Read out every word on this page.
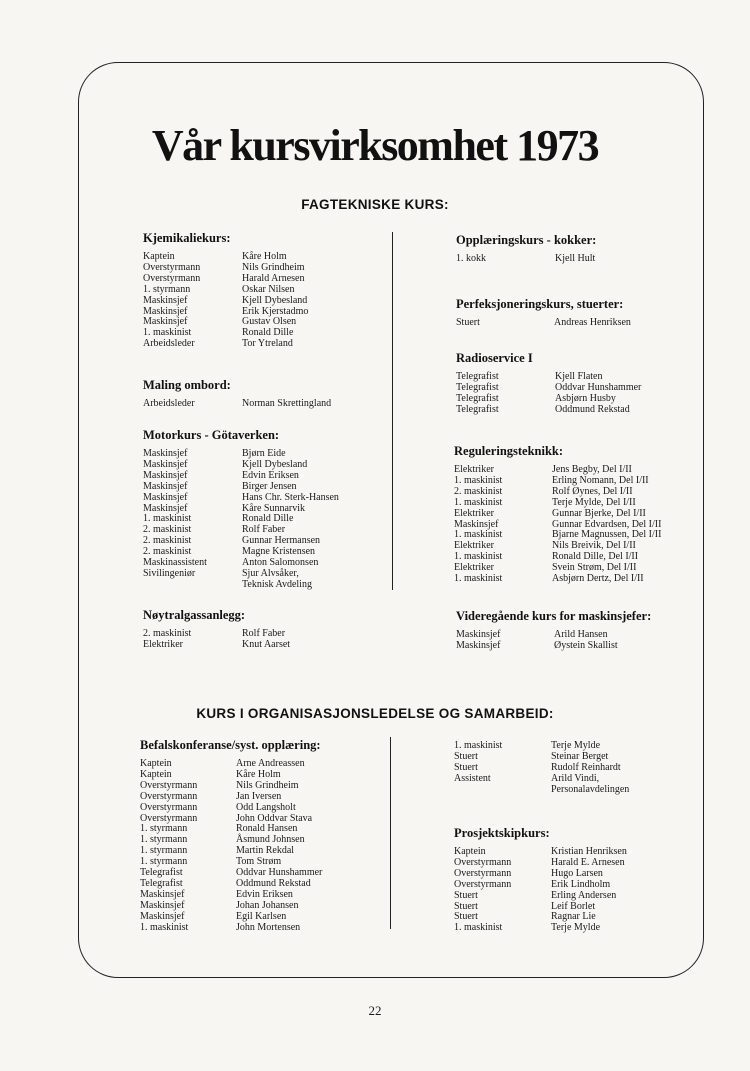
Vår kursvirksomhet 1973
FAGTEKNISKE KURS:
KURS I ORGANISASJONSLEDELSE OG SAMARBEID:
Kjemikaliekurs:
Kaptein	Kåre Holm
Overstyrmann	Nils Grindheim
Overstyrmann	Harald Arnesen
1. styrmann	Oskar Nilsen
Maskinsjef	Kjell Dybesland
Maskinsjef	Erik Kjerstadmo
Maskinsjef	Gustav Olsen
1. maskinist	Ronald Dille
Arbeidsleder	Tor Ytreland
Maling ombord:
Arbeidsleder	Norman Skrettingland
Motorkurs - Götaverken:
Maskinsjef	Bjørn Eide
Maskinsjef	Kjell Dybesland
Maskinsjef	Edvin Eriksen
Maskinsjef	Birger Jensen
Maskinsjef	Hans Chr. Sterk-Hansen
Maskinsjef	Kåre Sunnarvik
1. maskinist	Ronald Dille
2. maskinist	Rolf Faber
2. maskinist	Gunnar Hermansen
2. maskinist	Magne Kristensen
Maskinassistent	Anton Salomonsen
Sivilingeniør	Sjur Alvsåker,
Teknisk Avdeling
Nøytralgassanlegg:
2. maskinist	Rolf Faber
Elektriker	Knut Aarset
Opplæringskurs - kokker:
1. kokk	Kjell Hult
Perfeksjoneringskurs, stuerter:
Stuert	Andreas Henriksen
Radioservice I
Telegrafist	Kjell Flaten
Telegrafist	Oddvar Hunshammer
Telegrafist	Asbjørn Husby
Telegrafist	Oddmund Rekstad
Reguleringsteknikk:
Elektriker	Jens Begby, Del I/II
1. maskinist	Erling Nomann, Del I/II
2. maskinist	Rolf Øynes, Del I/II
1. maskinist	Terje Mylde, Del I/II
Elektriker	Gunnar Bjerke, Del I/II
Maskinsjef	Gunnar Edvardsen, Del I/II
1. maskinist	Bjarne Magnussen, Del I/II
Elektriker	Nils Breivik, Del I/II
1. maskinist	Ronald Dille, Del I/II
Elektriker	Svein Strøm, Del I/II
1. maskinist	Asbjørn Dertz, Del I/II
Videregående kurs for maskinsjefer:
Maskinsjef	Arild Hansen
Maskinsjef	Øystein Skallist
Befalskonferanse/syst. opplæring:
Kaptein	Arne Andreassen
Kaptein	Kåre Holm
Overstyrmann	Nils Grindheim
Overstyrmann	Jan Iversen
Overstyrmann	Odd Langsholt
Overstyrmann	John Oddvar Stava
1. styrmann	Ronald Hansen
1. styrmann	Åsmund Johnsen
1. styrmann	Martin Rekdal
1. styrmann	Tom Strøm
Telegrafist	Oddvar Hunshammer
Telegrafist	Oddmund Rekstad
Maskinsjef	Edvin Eriksen
Maskinsjef	Johan Johansen
Maskinsjef	Egil Karlsen
1. maskinist	John Mortensen
1. maskinist	Terje Mylde
Stuert	Steinar Berget
Stuert	Rudolf Reinhardt
Assistent	Arild Vindi,
Personalavdelingen
Prosjektskipkurs:
Kaptein	Kristian Henriksen
Overstyrmann	Harald E. Arnesen
Overstyrmann	Hugo Larsen
Overstyrmann	Erik Lindholm
Stuert	Erling Andersen
Stuert	Leif Borlet
Stuert	Ragnar Lie
1. maskinist	Terje Mylde
22
